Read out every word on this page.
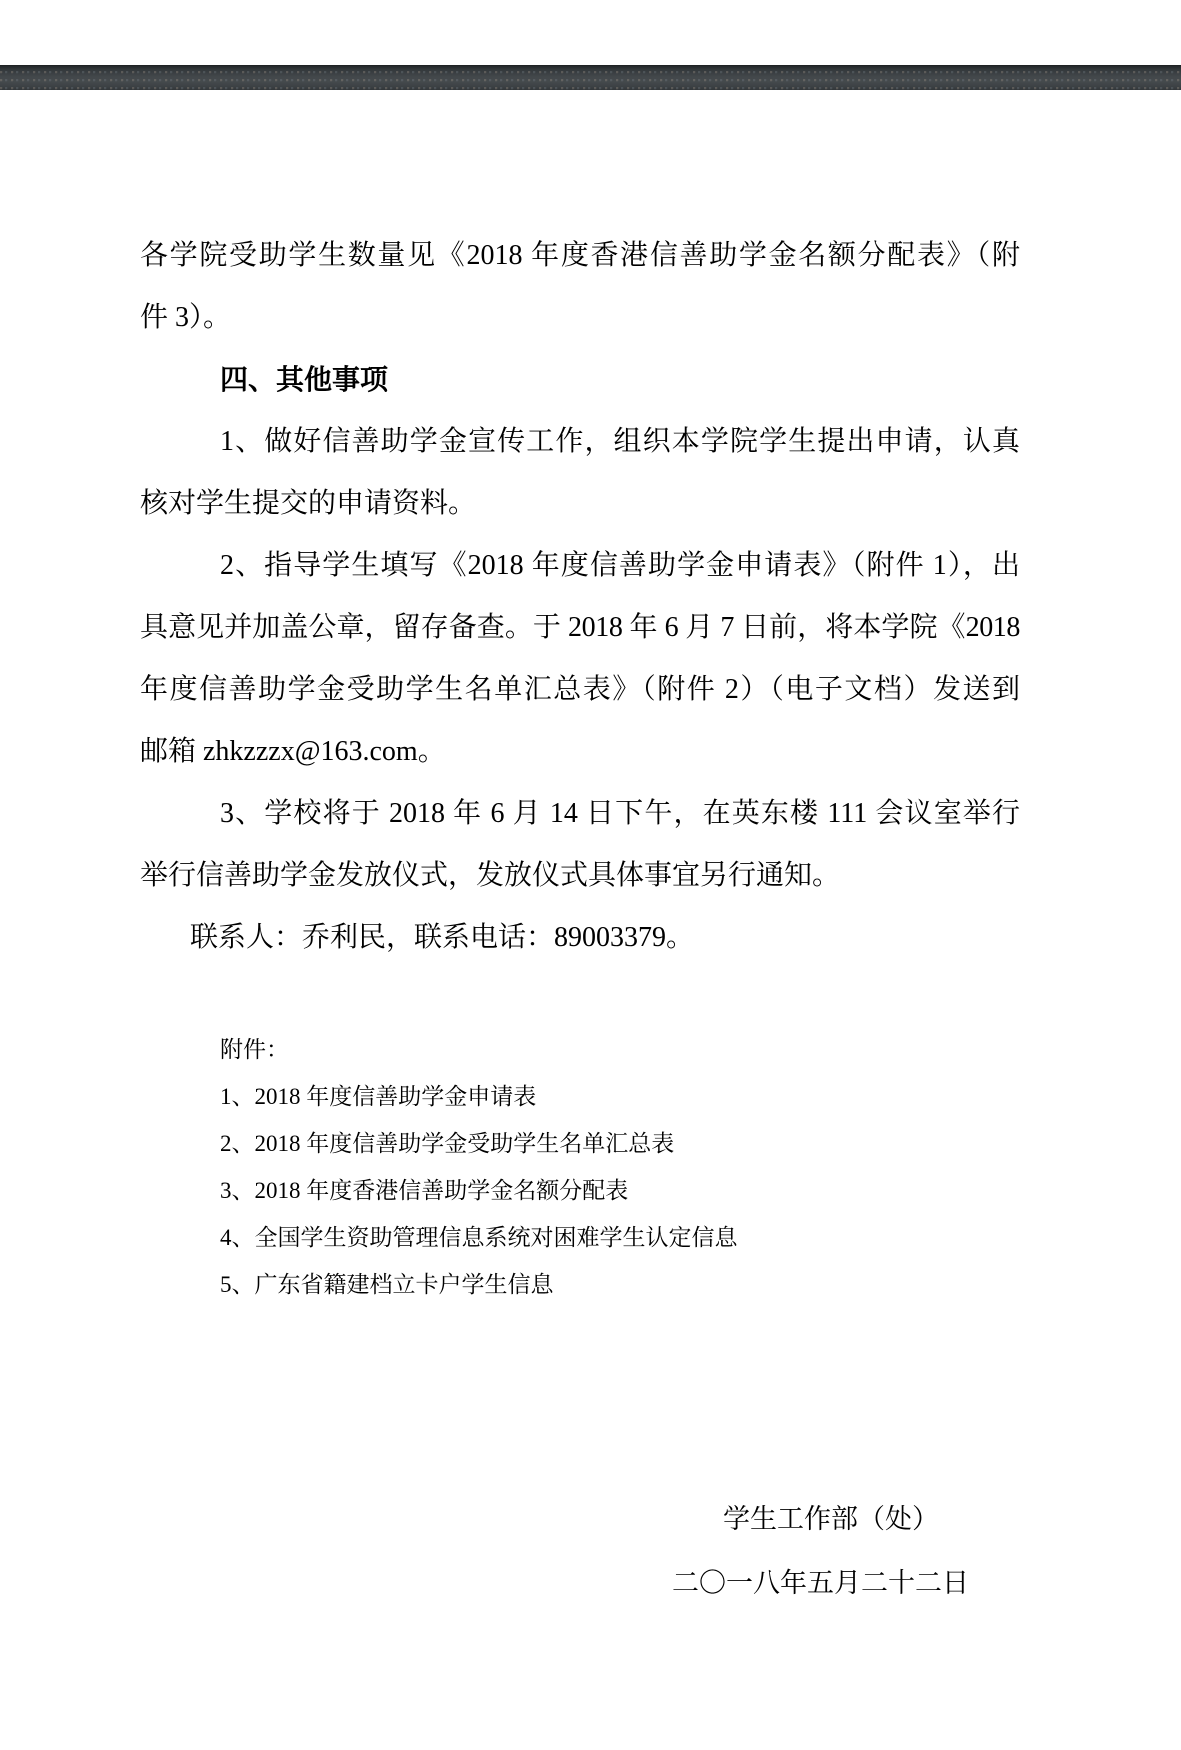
各学院受助学生数量见《2018 年度香港信善助学金名额分配表》（附
件 3）。
四、其他事项
1、做好信善助学金宣传工作，组织本学院学生提出申请，认真
核对学生提交的申请资料。
2、指导学生填写《2018 年度信善助学金申请表》（附件 1），出
具意见并加盖公章，留存备查。于 2018 年 6 月 7 日前，将本学院《2018
年度信善助学金受助学生名单汇总表》（附件 2）（电子文档）发送到
邮箱 zhkzzzx@163.com。
3、学校将于 2018 年 6 月 14 日下午，在英东楼 111 会议室举行
举行信善助学金发放仪式，发放仪式具体事宜另行通知。
联系人：乔利民，联系电话：89003379。
附件：
1、2018 年度信善助学金申请表
2、2018 年度信善助学金受助学生名单汇总表
3、2018 年度香港信善助学金名额分配表
4、全国学生资助管理信息系统对困难学生认定信息
5、广东省籍建档立卡户学生信息
学生工作部（处）
二〇一八年五月二十二日
